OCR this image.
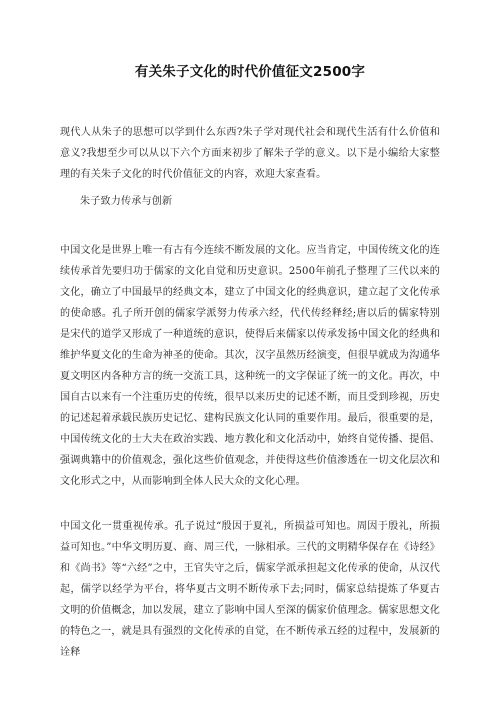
有关朱子文化的时代价值征文2500字
现代人从朱子的思想可以学到什么东西?朱子学对现代社会和现代生活有什么价值和意义?我想至少可以从以下六个方面来初步了解朱子学的意义。以下是小编给大家整理的有关朱子文化的时代价值征文的内容，欢迎大家查看。
朱子致力传承与创新
中国文化是世界上唯一有古有今连续不断发展的文化。应当肯定，中国传统文化的连续传承首先要归功于儒家的文化自觉和历史意识。2500年前孔子整理了三代以来的文化，确立了中国最早的经典文本，建立了中国文化的经典意识，建立起了文化传承的使命感。孔子所开创的儒家学派努力传承六经，代代传经释经;唐以后的儒家特别是宋代的道学又形成了一种道统的意识，使得后来儒家以传承发扬中国文化的经典和维护华夏文化的生命为神圣的使命。其次，汉字虽然历经演变，但很早就成为沟通华夏文明区内各种方言的统一交流工具，这种统一的文字保证了统一的文化。再次，中国自古以来有一个注重历史的传统，很早以来历史的记述不断，而且受到珍视，历史的记述起着承载民族历史记忆、建构民族文化认同的重要作用。最后，很重要的是，中国传统文化的士大夫在政治实践、地方教化和文化活动中，始终自觉传播、提倡、强调典籍中的价值观念，强化这些价值观念，并使得这些价值渗透在一切文化层次和文化形式之中，从而影响到全体人民大众的文化心理。
中国文化一贯重视传承。孔子说过“殷因于夏礼，所损益可知也。周因于殷礼，所损益可知也。”中华文明历夏、商、周三代，一脉相承。三代的文明精华保存在《诗经》和《尚书》等“六经”之中，王官失守之后，儒家学派承担起文化传承的使命，从汉代起，儒学以经学为平台，将华夏古文明不断传承下去;同时，儒家总结提炼了华夏古文明的价值概念，加以发展，建立了影响中国人至深的儒家价值理念。儒家思想文化的特色之一，就是具有强烈的文化传承的自觉，在不断传承五经的过程中，发展新的诠释
